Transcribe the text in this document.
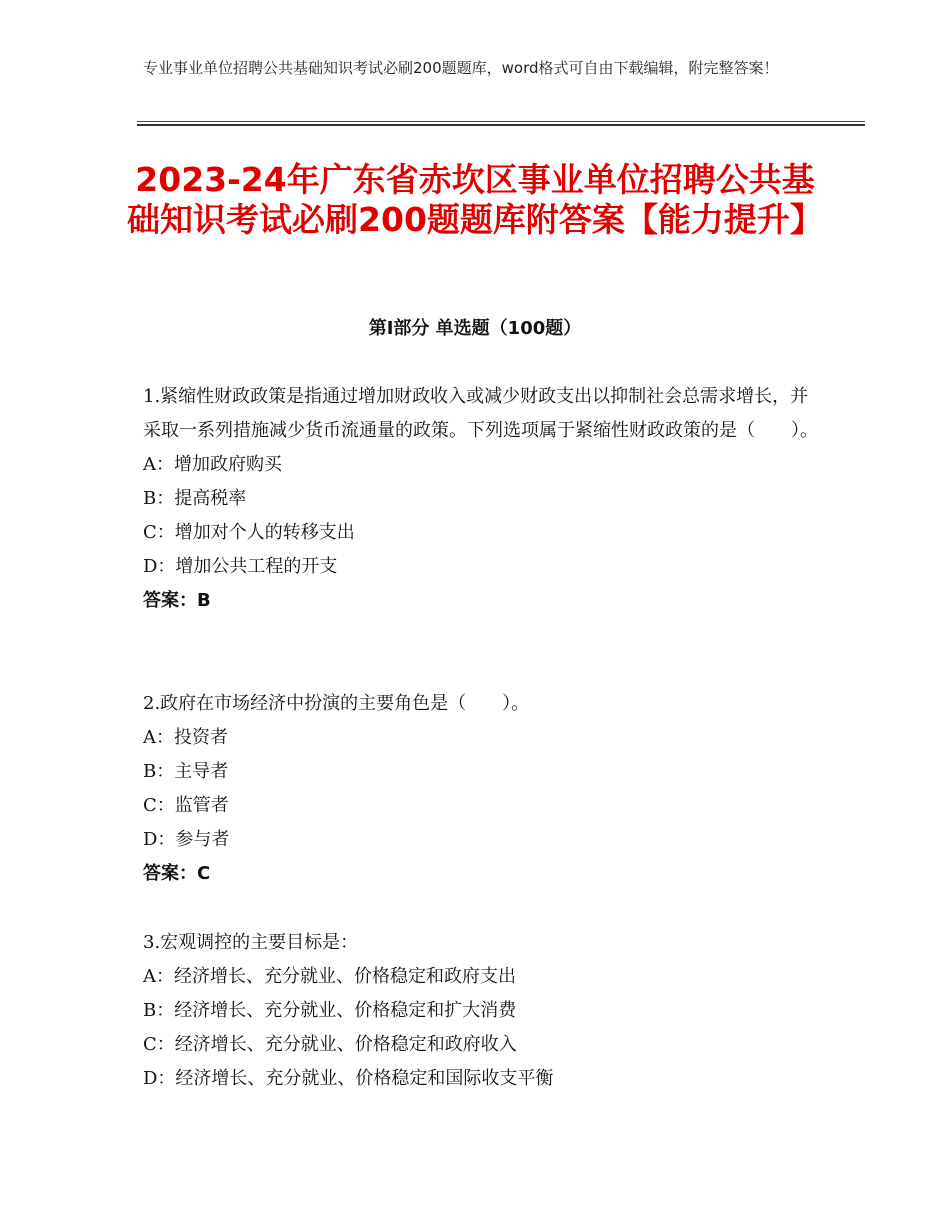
专业事业单位招聘公共基础知识考试必刷200题题库，word格式可自由下载编辑，附完整答案！
2023-24年广东省赤坎区事业单位招聘公共基础知识考试必刷200题题库附答案【能力提升】
第Ⅰ部分 单选题（100题）

1.紧缩性财政政策是指通过增加财政收入或减少财政支出以抑制社会总需求增长，并采取一系列措施减少货币流通量的政策。下列选项属于紧缩性财政政策的是（　　）。

A：增加政府购买

B：提高税率

C：增加对个人的转移支出

D：增加公共工程的开支

答案：B

2.政府在市场经济中扮演的主要角色是（　　）。

A：投资者

B：主导者

C：监管者

D：参与者

答案：C

3.宏观调控的主要目标是：

A：经济增长、充分就业、价格稳定和政府支出

B：经济增长、充分就业、价格稳定和扩大消费

C：经济增长、充分就业、价格稳定和政府收入

D：经济增长、充分就业、价格稳定和国际收支平衡
